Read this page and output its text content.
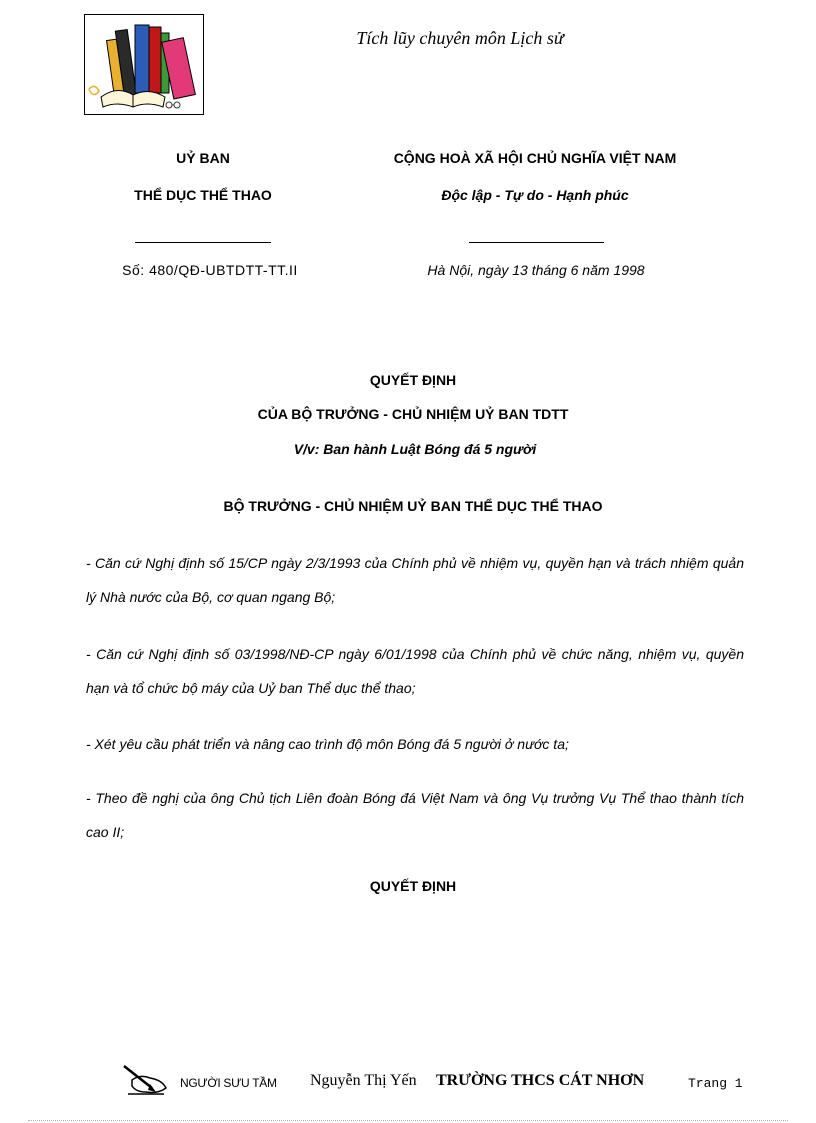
Tích lũy chuyên môn Lịch sử
UỶ BAN
THỂ DỤC THỂ THAO
CỘNG HOÀ XÃ HỘI CHỦ NGHĨA VIỆT NAM
Độc lập - Tự do - Hạnh phúc
Số: 480/QĐ-UBTDTT-TT.II	Hà Nội, ngày 13 tháng 6 năm 1998
QUYẾT ĐỊNH
CỦA BỘ TRƯỞNG - CHỦ NHIỆM UỶ BAN TDTT
V/v: Ban hành Luật Bóng đá 5 người
BỘ TRƯỞNG - CHỦ NHIỆM UỶ BAN THỂ DỤC THỂ THAO
- Căn cứ Nghị định số 15/CP ngày 2/3/1993 của Chính phủ về nhiệm vụ, quyền hạn và trách nhiệm quản lý Nhà nước của Bộ, cơ quan ngang Bộ;
- Căn cứ Nghị định số 03/1998/NĐ-CP ngày 6/01/1998 của Chính phủ về chức năng, nhiệm vụ, quyền hạn và tổ chức bộ máy của Uỷ ban Thể dục thể thao;
- Xét yêu cầu phát triển và nâng cao trình độ môn Bóng đá 5 người ở nước ta;
- Theo đề nghị của ông Chủ tịch Liên đoàn Bóng đá Việt Nam và ông Vụ trưởng Vụ Thể thao thành tích cao II;
QUYẾT ĐỊNH
NGƯỜI SƯU TẦM Nguyễn Thị Yến TRƯỜNG THCS CÁT NHƠN	Trang 1
